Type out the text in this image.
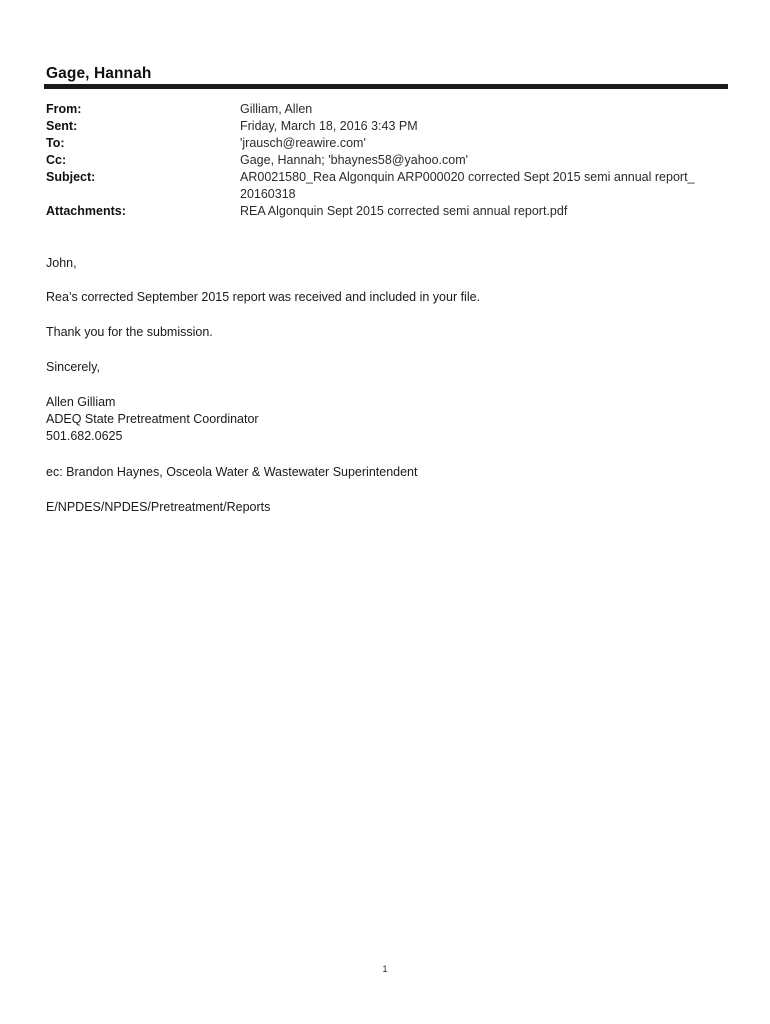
Gage, Hannah
From:	Gilliam, Allen
Sent:	Friday, March 18, 2016 3:43 PM
To:	'jrausch@reawire.com'
Cc:	Gage, Hannah; 'bhaynes58@yahoo.com'
Subject:	AR0021580_Rea Algonquin ARP000020 corrected Sept 2015 semi annual report_
20160318
Attachments:	REA Algonquin Sept 2015 corrected semi annual report.pdf

John,

Rea’s corrected September 2015 report was received and included in your file.

Thank you for the submission.

Sincerely,

Allen Gilliam
ADEQ State Pretreatment Coordinator
501.682.0625

ec: Brandon Haynes, Osceola Water & Wastewater Superintendent

E/NPDES/NPDES/Pretreatment/Reports

1
